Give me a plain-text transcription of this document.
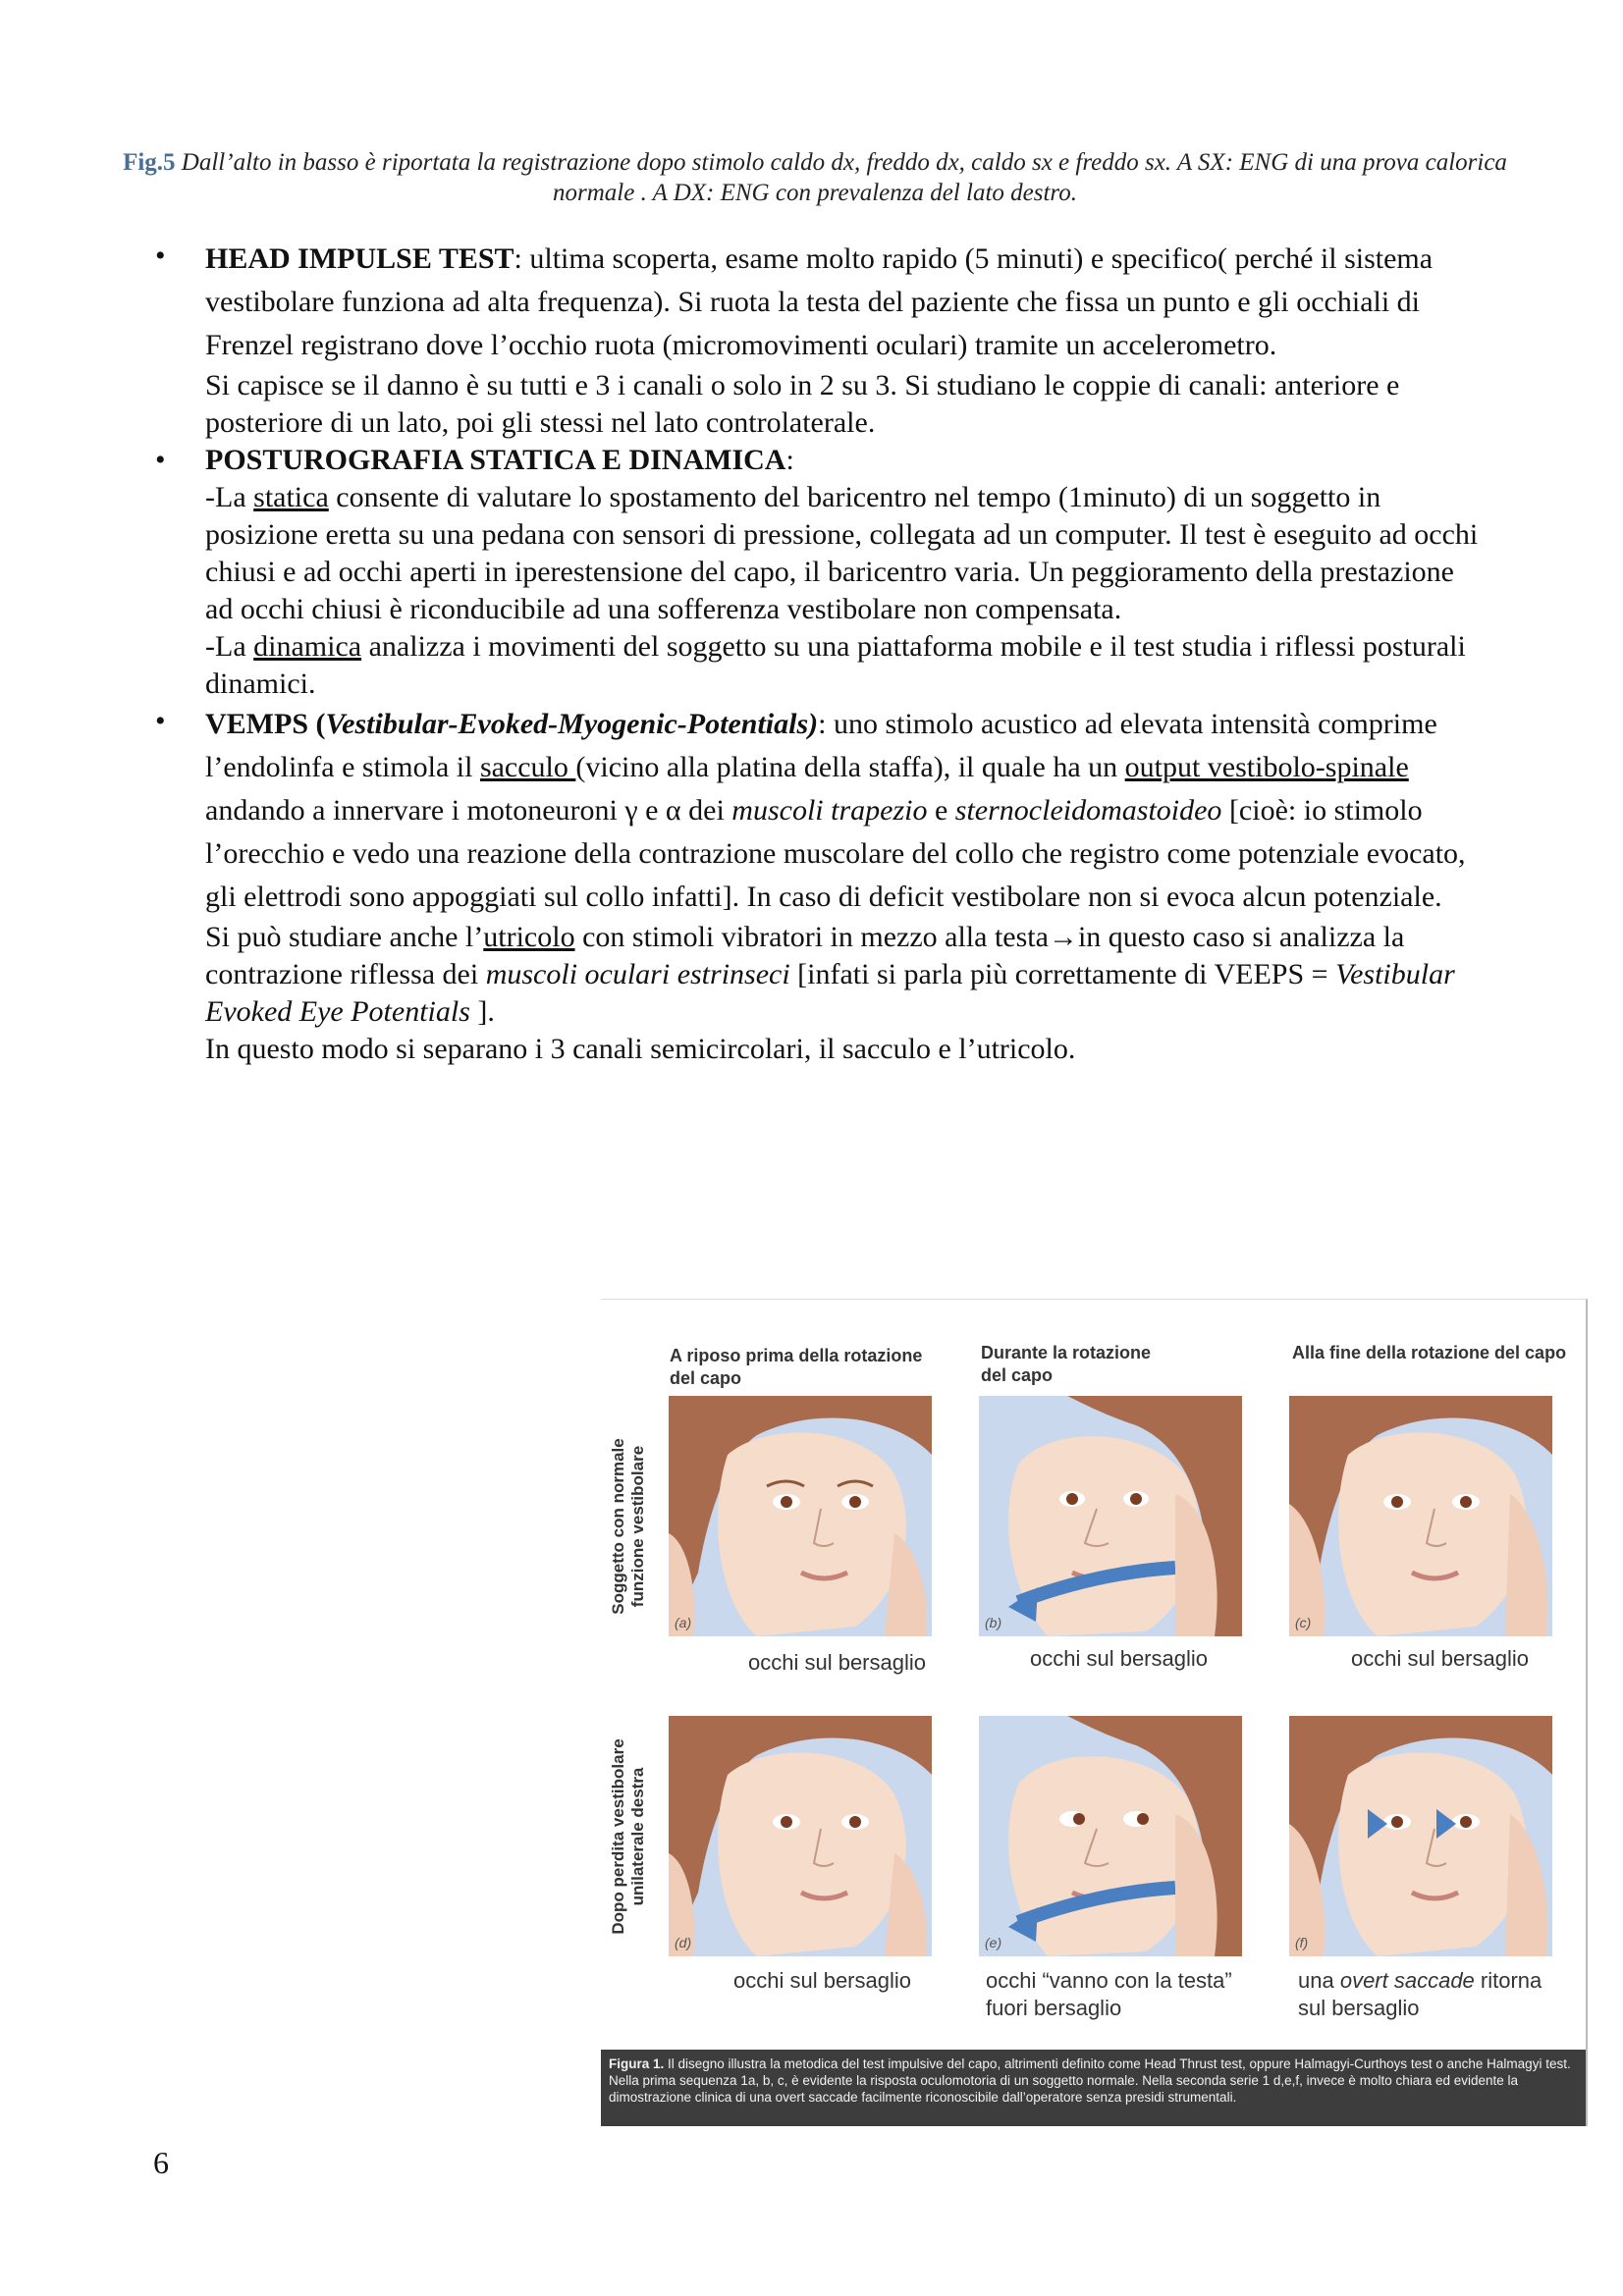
Fig.5 Dall’alto in basso è riportata la registrazione dopo stimolo caldo dx, freddo dx, caldo sx e freddo sx. A SX: ENG di una prova calorica normale . A DX: ENG con prevalenza del lato destro.
• HEAD IMPULSE TEST: ultima scoperta, esame molto rapido (5 minuti) e specifico( perché il sistema vestibolare funziona ad alta frequenza). Si ruota la testa del paziente che fissa un punto e gli occhiali di Frenzel registrano dove l’occhio ruota (micromovimenti oculari) tramite un accelerometro.

Si capisce se il danno è su tutti e 3 i canali o solo in 2 su 3. Si studiano le coppie di canali: anteriore e posteriore di un lato, poi gli stessi nel lato controlaterale.

• POSTUROGRAFIA STATICA E DINAMICA:

-La statica consente di valutare lo spostamento del baricentro nel tempo (1minuto) di un soggetto in posizione eretta su una pedana con sensori di pressione, collegata ad un computer. Il test è eseguito ad occhi chiusi e ad occhi aperti in iperestensione del capo, il baricentro varia. Un peggioramento della prestazione ad occhi chiusi è riconducibile ad una sofferenza vestibolare non compensata.

-La dinamica analizza i movimenti del soggetto su una piattaforma mobile e il test studia i riflessi posturali dinamici.

• VEMPS (Vestibular-Evoked-Myogenic-Potentials): uno stimolo acustico ad elevata intensità comprime l’endolinfa e stimola il sacculo (vicino alla platina della staffa), il quale ha un output vestibolo-spinale andando a innervare i motoneuroni γ e α dei muscoli trapezio e sternocleidomastoideo [cioè: io stimolo l’orecchio e vedo una reazione della contrazione muscolare del collo che registro come potenziale evocato, gli elettrodi sono appoggiati sul collo infatti]. In caso di deficit vestibolare non si evoca alcun potenziale.

Si può studiare anche l’utricolo con stimoli vibratori in mezzo alla testa→in questo caso si analizza la contrazione riflessa dei muscoli oculari estrinseci [infati si parla più correttamente di VEEPS = Vestibular Evoked Eye Potentials ].

In questo modo si separano i 3 canali semicircolari, il sacculo e l’utricolo.

A riposo prima della rotazione del capo
Durante la rotazione del capo
Alla fine della rotazione del capo
Soggetto con normale funzione vestibolare
Dopo perdita vestibolare unilaterale destra
(a)	(b)	(c)
occhi sul bersaglio	occhi sul bersaglio	occhi sul bersaglio
(d)	(e)	(f)
occhi sul bersaglio	occhi “vanno con la testa”
fuori bersaglio
una overt saccade ritorna
sul bersaglio
Figura 1. Il disegno illustra la metodica del test impulsive del capo, altrimenti definito come Head Thrust test, oppure Halmagyi-Curthoys test o anche Halmagyi test. Nella prima sequenza 1a, b, c, è evidente la risposta oculomotoria di un soggetto normale. Nella seconda serie 1 d,e,f, invece è molto chiara ed evidente la dimostrazione clinica di una overt saccade facilmente riconoscibile dall’operatore senza presidi strumentali.
6
